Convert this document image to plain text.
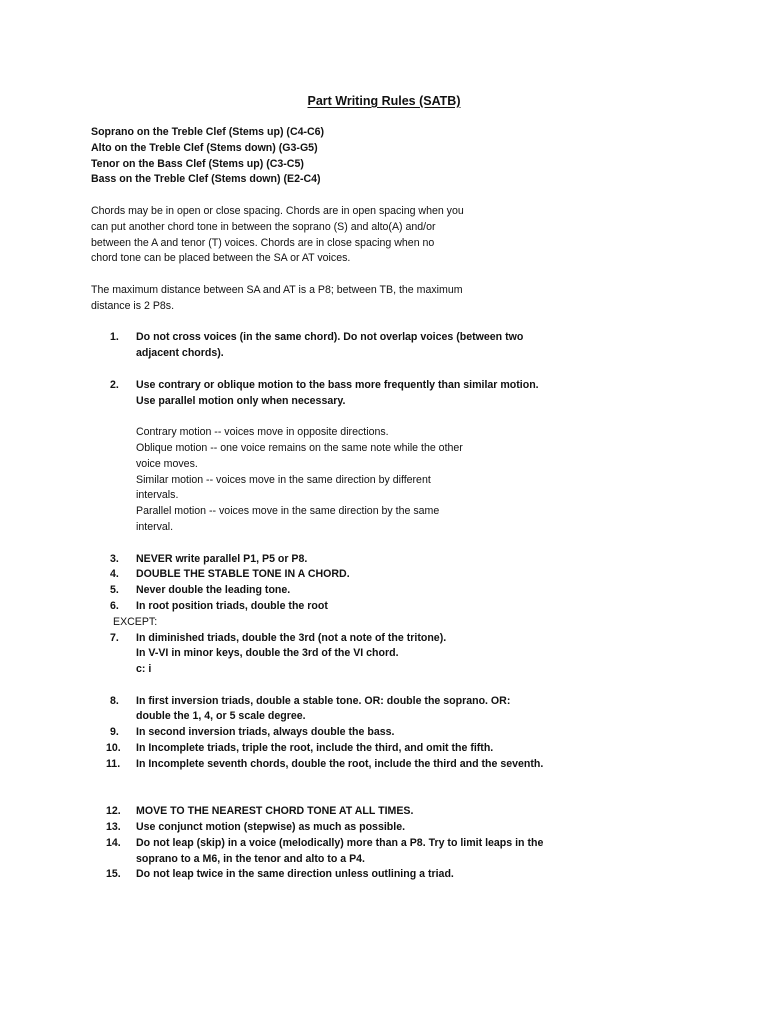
Part Writing Rules (SATB)
Soprano on the Treble Clef (Stems up) (C4-C6)
Alto on the Treble Clef (Stems down) (G3-G5)
Tenor on the Bass Clef (Stems up) (C3-C5)
Bass on the Treble Clef (Stems down) (E2-C4)
Chords may be in open or close spacing. Chords are in open spacing when you
can put another chord tone in between the soprano (S) and alto(A) and/or
between the A and tenor (T) voices. Chords are in close spacing when no
chord tone can be placed between the SA or AT voices.
The maximum distance between SA and AT is a P8; between TB, the maximum
distance is 2 P8s.
1.	Do not cross voices (in the same chord). Do not overlap voices (between two
adjacent chords).
2.	Use contrary or oblique motion to the bass more frequently than similar motion.
Use parallel motion only when necessary.
Contrary motion -- voices move in opposite directions.
Oblique motion -- one voice remains on the same note while the other
voice moves.
Similar motion -- voices move in the same direction by different
intervals.
Parallel motion -- voices move in the same direction by the same
interval.
3.	NEVER write parallel P1, P5 or P8.
4.	DOUBLE THE STABLE TONE IN A CHORD.
5.	Never double the leading tone.
6.	In root position triads, double the root
EXCEPT:
7.	In diminished triads, double the 3rd (not a note of the tritone).
In V-VI in minor keys, double the 3rd of the VI chord.
c: i
8.	In first inversion triads, double a stable tone. OR: double the soprano. OR:
double the 1, 4, or 5 scale degree.
9.	In second inversion triads, always double the bass.
10.	In Incomplete triads, triple the root, include the third, and omit the fifth.
11.	In Incomplete seventh chords, double the root, include the third and the seventh.
12.	MOVE TO THE NEAREST CHORD TONE AT ALL TIMES.
13.	Use conjunct motion (stepwise) as much as possible.
14.	Do not leap (skip) in a voice (melodically) more than a P8. Try to limit leaps in the
soprano to a M6, in the tenor and alto to a P4.
15.	Do not leap twice in the same direction unless outlining a triad.
